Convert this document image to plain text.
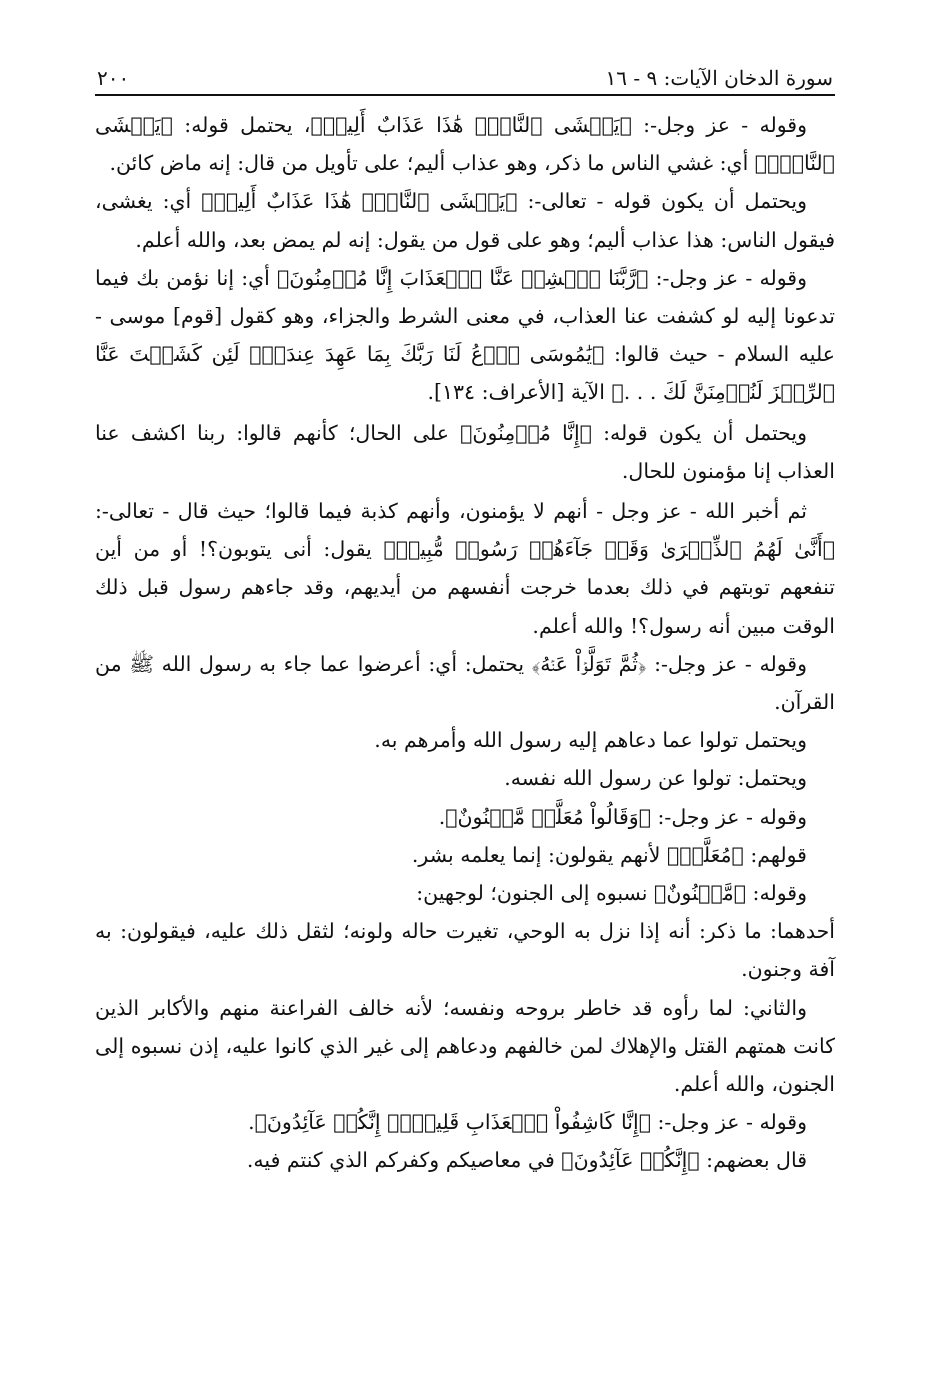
سورة الدخان الآيات: ٩ - ١٦
٢٠٠

وقوله - عز وجل-: ﴿يَغۡشَى ٱلنَّاسَۖ هَٰذَا عَذَابٌ أَلِيمٞ﴾، يحتمل قوله: ﴿يَغۡشَى ٱلنَّاسَۖ﴾ أي: غشي الناس ما ذكر، وهو عذاب أليم؛ على تأويل من قال: إنه ماض كائن.

ويحتمل أن يكون قوله - تعالى-: ﴿يَغۡشَى ٱلنَّاسَۖ هَٰذَا عَذَابٌ أَلِيمٞ﴾ أي: يغشى، فيقول الناس: هذا عذاب أليم؛ وهو على قول من يقول: إنه لم يمض بعد، والله أعلم.

وقوله - عز وجل-: ﴿رَّبَّنَا ٱكۡشِفۡ عَنَّا ٱلۡعَذَابَ إِنَّا مُؤۡمِنُونَ﴾ أي: إنا نؤمن بك فيما تدعونا إليه لو كشفت عنا العذاب، في معنى الشرط والجزاء، وهو كقول [قوم] موسى - عليه السلام - حيث قالوا: ﴿يَٰمُوسَى ٱدۡعُ لَنَا رَبَّكَ بِمَا عَهِدَ عِندَكَۖ لَئِن كَشَفۡتَ عَنَّا ٱلرِّجۡزَ لَنُؤۡمِنَنَّ لَكَ . . .﴾ الآية [الأعراف: ١٣٤].

ويحتمل أن يكون قوله: ﴿إِنَّا مُؤۡمِنُونَ﴾ على الحال؛ كأنهم قالوا: ربنا اكشف عنا العذاب إنا مؤمنون للحال.

ثم أخبر الله - عز وجل - أنهم لا يؤمنون، وأنهم كذبة فيما قالوا؛ حيث قال - تعالى-: ﴿أَنَّىٰ لَهُمُ ٱلذِّكۡرَىٰ وَقَدۡ جَآءَهُمۡ رَسُولٞ مُّبِينٞ﴾ يقول: أنى يتوبون؟! أو من أين تنفعهم توبتهم في ذلك بعدما خرجت أنفسهم من أيديهم، وقد جاءهم رسول قبل ذلك الوقت مبين أنه رسول؟! والله أعلم.

وقوله - عز وجل-: ﴿ثُمَّ تَوَلَّوۡاْ عَنۡهُ﴾ يحتمل: أي: أعرضوا عما جاء به رسول الله ﷺ من القرآن.

ويحتمل تولوا عما دعاهم إليه رسول الله وأمرهم به.

ويحتمل: تولوا عن رسول الله نفسه.

وقوله - عز وجل-: ﴿وَقَالُواْ مُعَلَّمٞ مَّجۡنُونٌ﴾.

قولهم: ﴿مُعَلَّمٞ﴾ لأنهم يقولون: إنما يعلمه بشر.

وقوله: ﴿مَّجۡنُونٌ﴾ نسبوه إلى الجنون؛ لوجهين:

أحدهما: ما ذكر: أنه إذا نزل به الوحي، تغيرت حاله ولونه؛ لثقل ذلك عليه، فيقولون: به آفة وجنون.

والثاني: لما رأوه قد خاطر بروحه ونفسه؛ لأنه خالف الفراعنة منهم والأكابر الذين كانت همتهم القتل والإهلاك لمن خالفهم ودعاهم إلى غير الذي كانوا عليه، إذن نسبوه إلى الجنون، والله أعلم.

وقوله - عز وجل-: ﴿إِنَّا كَاشِفُواْ ٱلۡعَذَابِ قَلِيلًاۚ إِنَّكُمۡ عَآئِدُونَ﴾.

قال بعضهم: ﴿إِنَّكُمۡ عَآئِدُونَ﴾ في معاصيكم وكفركم الذي كنتم فيه.
